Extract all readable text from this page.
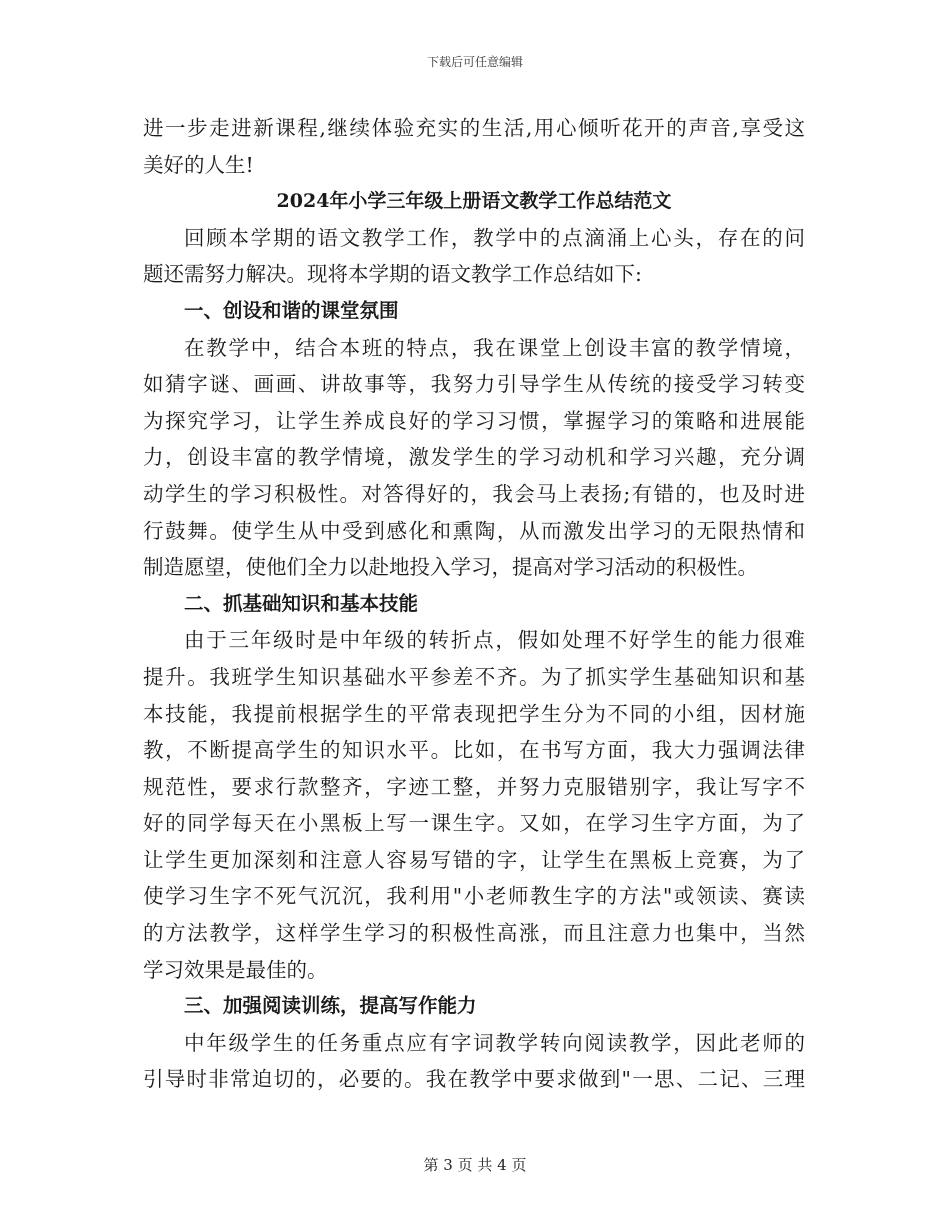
下载后可任意编辑
进一步走进新课程,继续体验充实的生活,用心倾听花开的声音,享受这
美好的人生!
2024年小学三年级上册语文教学工作总结范文
回顾本学期的语文教学工作，教学中的点滴涌上心头，存在的问
题还需努力解决。现将本学期的语文教学工作总结如下:
一、创设和谐的课堂氛围
在教学中，结合本班的特点，我在课堂上创设丰富的教学情境，
如猜字谜、画画、讲故事等，我努力引导学生从传统的接受学习转变
为探究学习，让学生养成良好的学习习惯，掌握学习的策略和进展能
力，创设丰富的教学情境，激发学生的学习动机和学习兴趣，充分调
动学生的学习积极性。对答得好的，我会马上表扬;有错的，也及时进
行鼓舞。使学生从中受到感化和熏陶，从而激发出学习的无限热情和
制造愿望，使他们全力以赴地投入学习，提高对学习活动的积极性。
二、抓基础知识和基本技能
由于三年级时是中年级的转折点，假如处理不好学生的能力很难
提升。我班学生知识基础水平参差不齐。为了抓实学生基础知识和基
本技能，我提前根据学生的平常表现把学生分为不同的小组，因材施
教，不断提高学生的知识水平。比如，在书写方面，我大力强调法律
规范性，要求行款整齐，字迹工整，并努力克服错别字，我让写字不
好的同学每天在小黑板上写一课生字。又如，在学习生字方面，为了
让学生更加深刻和注意人容易写错的字，让学生在黑板上竞赛，为了
使学习生字不死气沉沉，我利用"小老师教生字的方法"或领读、赛读
的方法教学，这样学生学习的积极性高涨，而且注意力也集中，当然
学习效果是最佳的。
三、加强阅读训练，提高写作能力
中年级学生的任务重点应有字词教学转向阅读教学，因此老师的
引导时非常迫切的，必要的。我在教学中要求做到"一思、二记、三理
第 3 页 共 4 页
